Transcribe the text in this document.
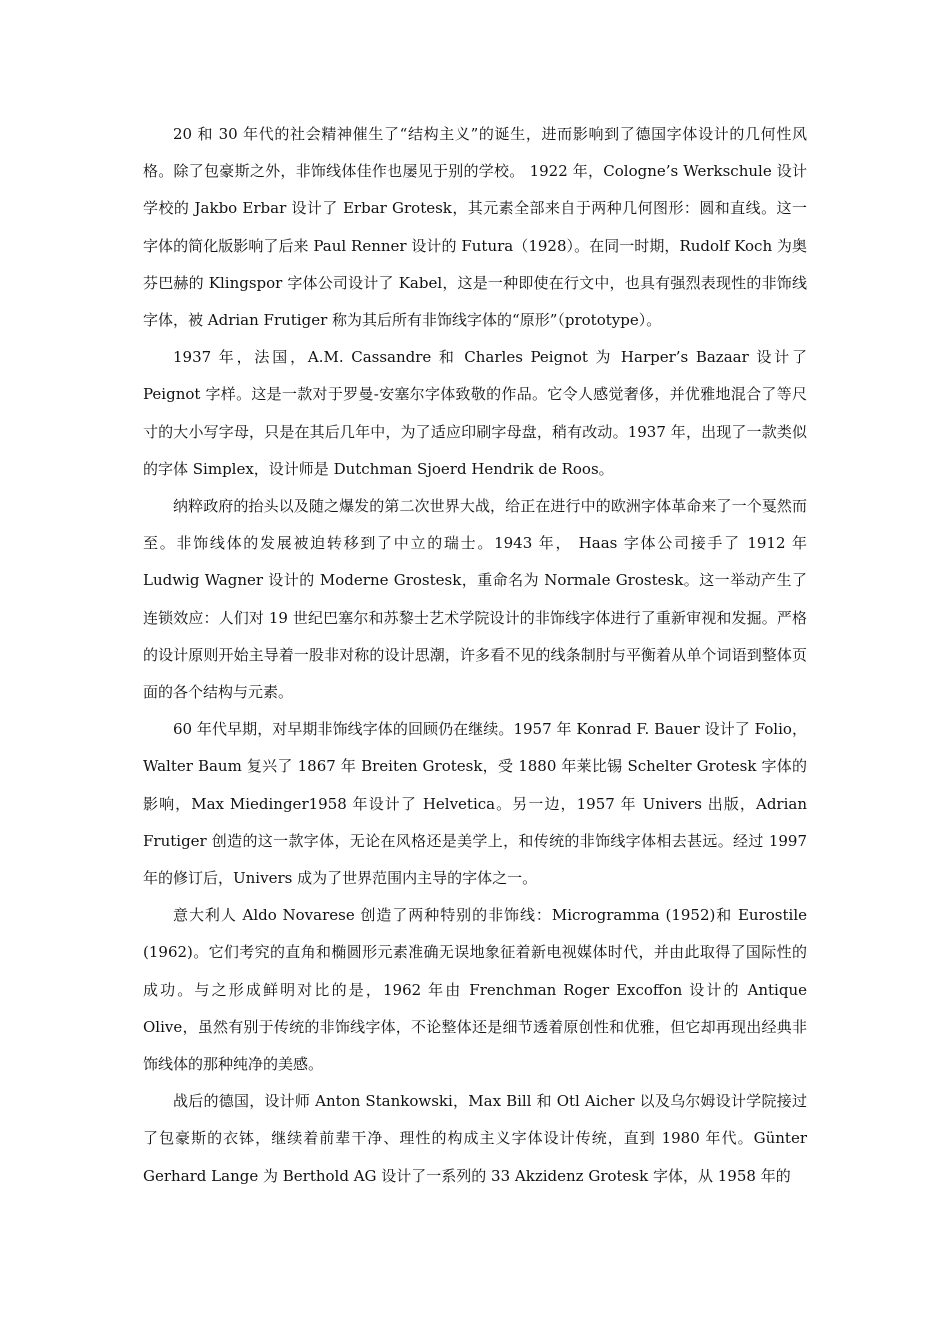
20 和 30 年代的社会精神催生了“结构主义”的诞生，进而影响到了德国字体设计的几何性风格。除了包豪斯之外，非饰线体佳作也屡见于别的学校。 1922 年，Cologne’s Werkschule 设计学校的 Jakbo Erbar 设计了 Erbar Grotesk，其元素全部来自于两种几何图形：圆和直线。这一字体的简化版影响了后来 Paul Renner 设计的 Futura（1928）。在同一时期，Rudolf Koch 为奥芬巴赫的 Klingspor 字体公司设计了 Kabel，这是一种即使在行文中，也具有强烈表现性的非饰线字体，被 Adrian Frutiger 称为其后所有非饰线字体的“原形”（prototype）。

1937 年，法国，A.M. Cassandre 和 Charles Peignot 为 Harper’s Bazaar 设计了 Peignot 字样。这是一款对于罗曼-安塞尔字体致敬的作品。它令人感觉奢侈，并优雅地混合了等尺寸的大小写字母，只是在其后几年中，为了适应印刷字母盘，稍有改动。1937 年，出现了一款类似的字体 Simplex，设计师是 Dutchman Sjoerd Hendrik de Roos。

纳粹政府的抬头以及随之爆发的第二次世界大战，给正在进行中的欧洲字体革命来了一个戛然而至。非饰线体的发展被迫转移到了中立的瑞士。1943 年， Haas 字体公司接手了 1912 年 Ludwig Wagner 设计的 Moderne Grostesk，重命名为 Normale Grostesk。这一举动产生了连锁效应：人们对 19 世纪巴塞尔和苏黎士艺术学院设计的非饰线字体进行了重新审视和发掘。严格的设计原则开始主导着一股非对称的设计思潮，许多看不见的线条制肘与平衡着从单个词语到整体页面的各个结构与元素。

60 年代早期，对早期非饰线字体的回顾仍在继续。1957 年 Konrad F. Bauer 设计了 Folio，Walter Baum 复兴了 1867 年 Breiten Grotesk，受 1880 年莱比锡 Schelter Grotesk 字体的影响，Max Miedinger1958 年设计了 Helvetica。另一边，1957 年 Univers 出版，Adrian Frutiger 创造的这一款字体，无论在风格还是美学上，和传统的非饰线字体相去甚远。经过 1997 年的修订后，Univers 成为了世界范围内主导的字体之一。

意大利人 Aldo Novarese 创造了两种特别的非饰线：Microgramma (1952)和 Eurostile (1962)。它们考究的直角和椭圆形元素准确无误地象征着新电视媒体时代，并由此取得了国际性的成功。与之形成鲜明对比的是，1962 年由 Frenchman Roger Excoffon 设计的 Antique Olive，虽然有别于传统的非饰线字体，不论整体还是细节透着原创性和优雅，但它却再现出经典非饰线体的那种纯净的美感。

战后的德国，设计师 Anton Stankowski，Max Bill 和 Otl Aicher 以及乌尔姆设计学院接过了包豪斯的衣钵，继续着前辈干净、理性的构成主义字体设计传统，直到 1980 年代。Günter Gerhard Lange 为 Berthold AG 设计了一系列的 33 Akzidenz Grotesk 字体，从 1958 年的
